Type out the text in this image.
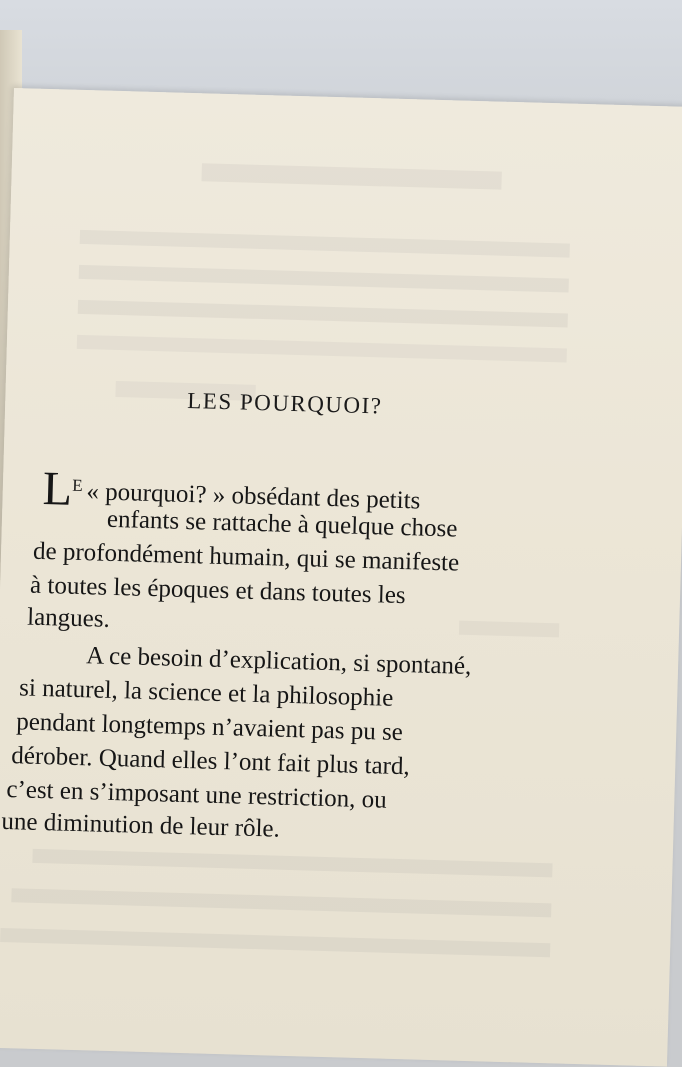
LES POURQUOI?
$L^E$ « pourquoi? » obsédant des petits
enfants se rattache à quelque chose
de profondément humain, qui se manifeste
à toutes les époques et dans toutes les
langues.
A ce besoin d’explication, si spontané,
si naturel, la science et la philosophie
pendant longtemps n’avaient pas pu se
dérober. Quand elles l’ont fait plus tard,
c’est en s’imposant une restriction, ou
une diminution de leur rôle.
